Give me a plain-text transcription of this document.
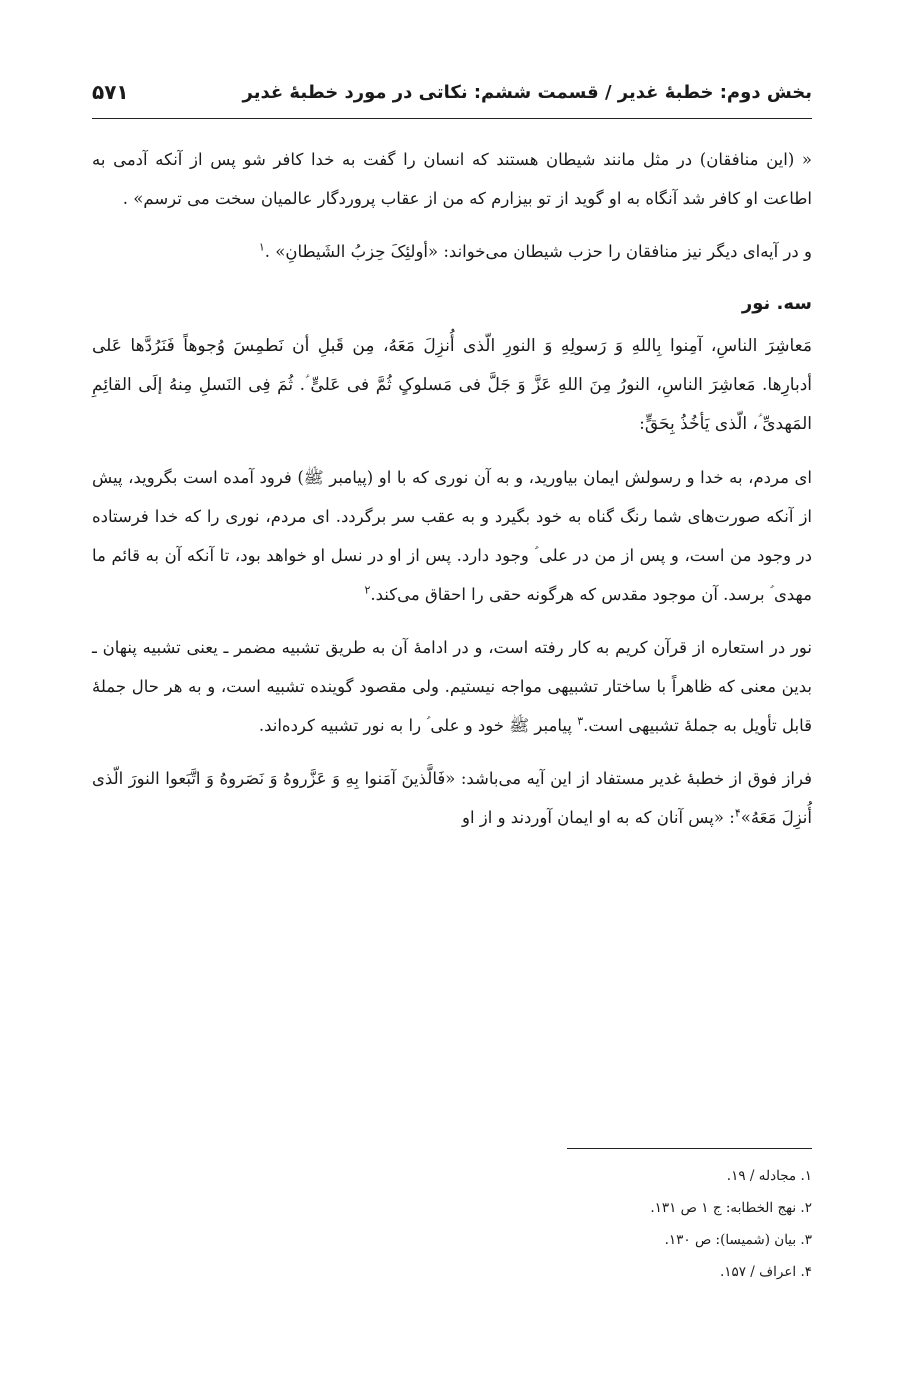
بخش دوم: خطبهٔ غدیر / قسمت ششم: نکاتی در مورد خطبهٔ غدیر
۵۷۱

« (این منافقان) در مثل مانند شیطان هستند که انسان را گفت به خدا کافر شو پس از آنکه آدمی به اطاعت او کافر شد آنگاه به او گوید از تو بیزارم که من از عقاب پروردگار عالمیان سخت می ترسم» .

و در آیه‌ای دیگر نیز منافقان را حزب شیطان می‌خواند: «أولئِکَ حِزبُ الشَیطانِ» .$^۱$

سه. نور

مَعاشِرَ الناسِ، آمِنوا بِاللهِ وَ رَسولِهِ وَ النورِ الّذی أُنزِلَ مَعَهُ، مِن قَبلِ أن نَطمِسَ وُجوهاً فَنَرُدَّها عَلی أدبارِها. مَعاشِرَ الناسِ، النورُ مِنَ اللهِ عَزَّ وَ جَلَّ فی مَسلوکٍ ثُمَّ فی عَلیٍّ ؑ. ثُمَ فِی النَسلِ مِنهُ إلَی القائِمِ المَهدیِّ ؑ، الّذی یَأخُذُ بِحَقٍّ:

ای مردم، به خدا و رسولش ایمان بیاورید، و به آن نوری که با او (پیامبر ﷺ) فرود آمده است بگروید، پیش از آنکه صورت‌های شما رنگ گناه به خود بگیرد و به عقب سر برگردد. ای مردم، نوری را که خدا فرستاده در وجود من است، و پس از من در علی ؑ وجود دارد. پس از او در نسل او خواهد بود، تا آنکه آن به قائم ما مهدی ؑ برسد. آن موجود مقدس که هرگونه حقی را احقاق می‌کند.$^۲$

نور در استعاره از قرآن کریم به کار رفته است، و در ادامهٔ آن به طریق تشبیه مضمر ـ یعنی تشبیه پنهان ـ بدین معنی که ظاهراً با ساختار تشبیهی مواجه نیستیم. ولی مقصود گوینده تشبیه است، و به هر حال جملهٔ قابل تأویل به جملهٔ تشبیهی است.$^۳$ پیامبر ﷺ خود و علی ؑ را به نور تشبیه کرده‌اند.

فراز فوق از خطبهٔ غدیر مستفاد از این آیه می‌باشد: «فَالَّذینَ آمَنوا بِهِ وَ عَزَّروهُ وَ نَصَروهُ وَ اتَّبَعوا النورَ الّذی أُنزِلَ مَعَهُ»$^۴$: «پس آنان که به او ایمان آوردند و از او

۱. مجادله / ۱۹.
۲. نهج الخطابه: ج ۱ ص ۱۳۱.
۳. بیان (شمیسا): ص ۱۳۰.
۴. اعراف / ۱۵۷.
